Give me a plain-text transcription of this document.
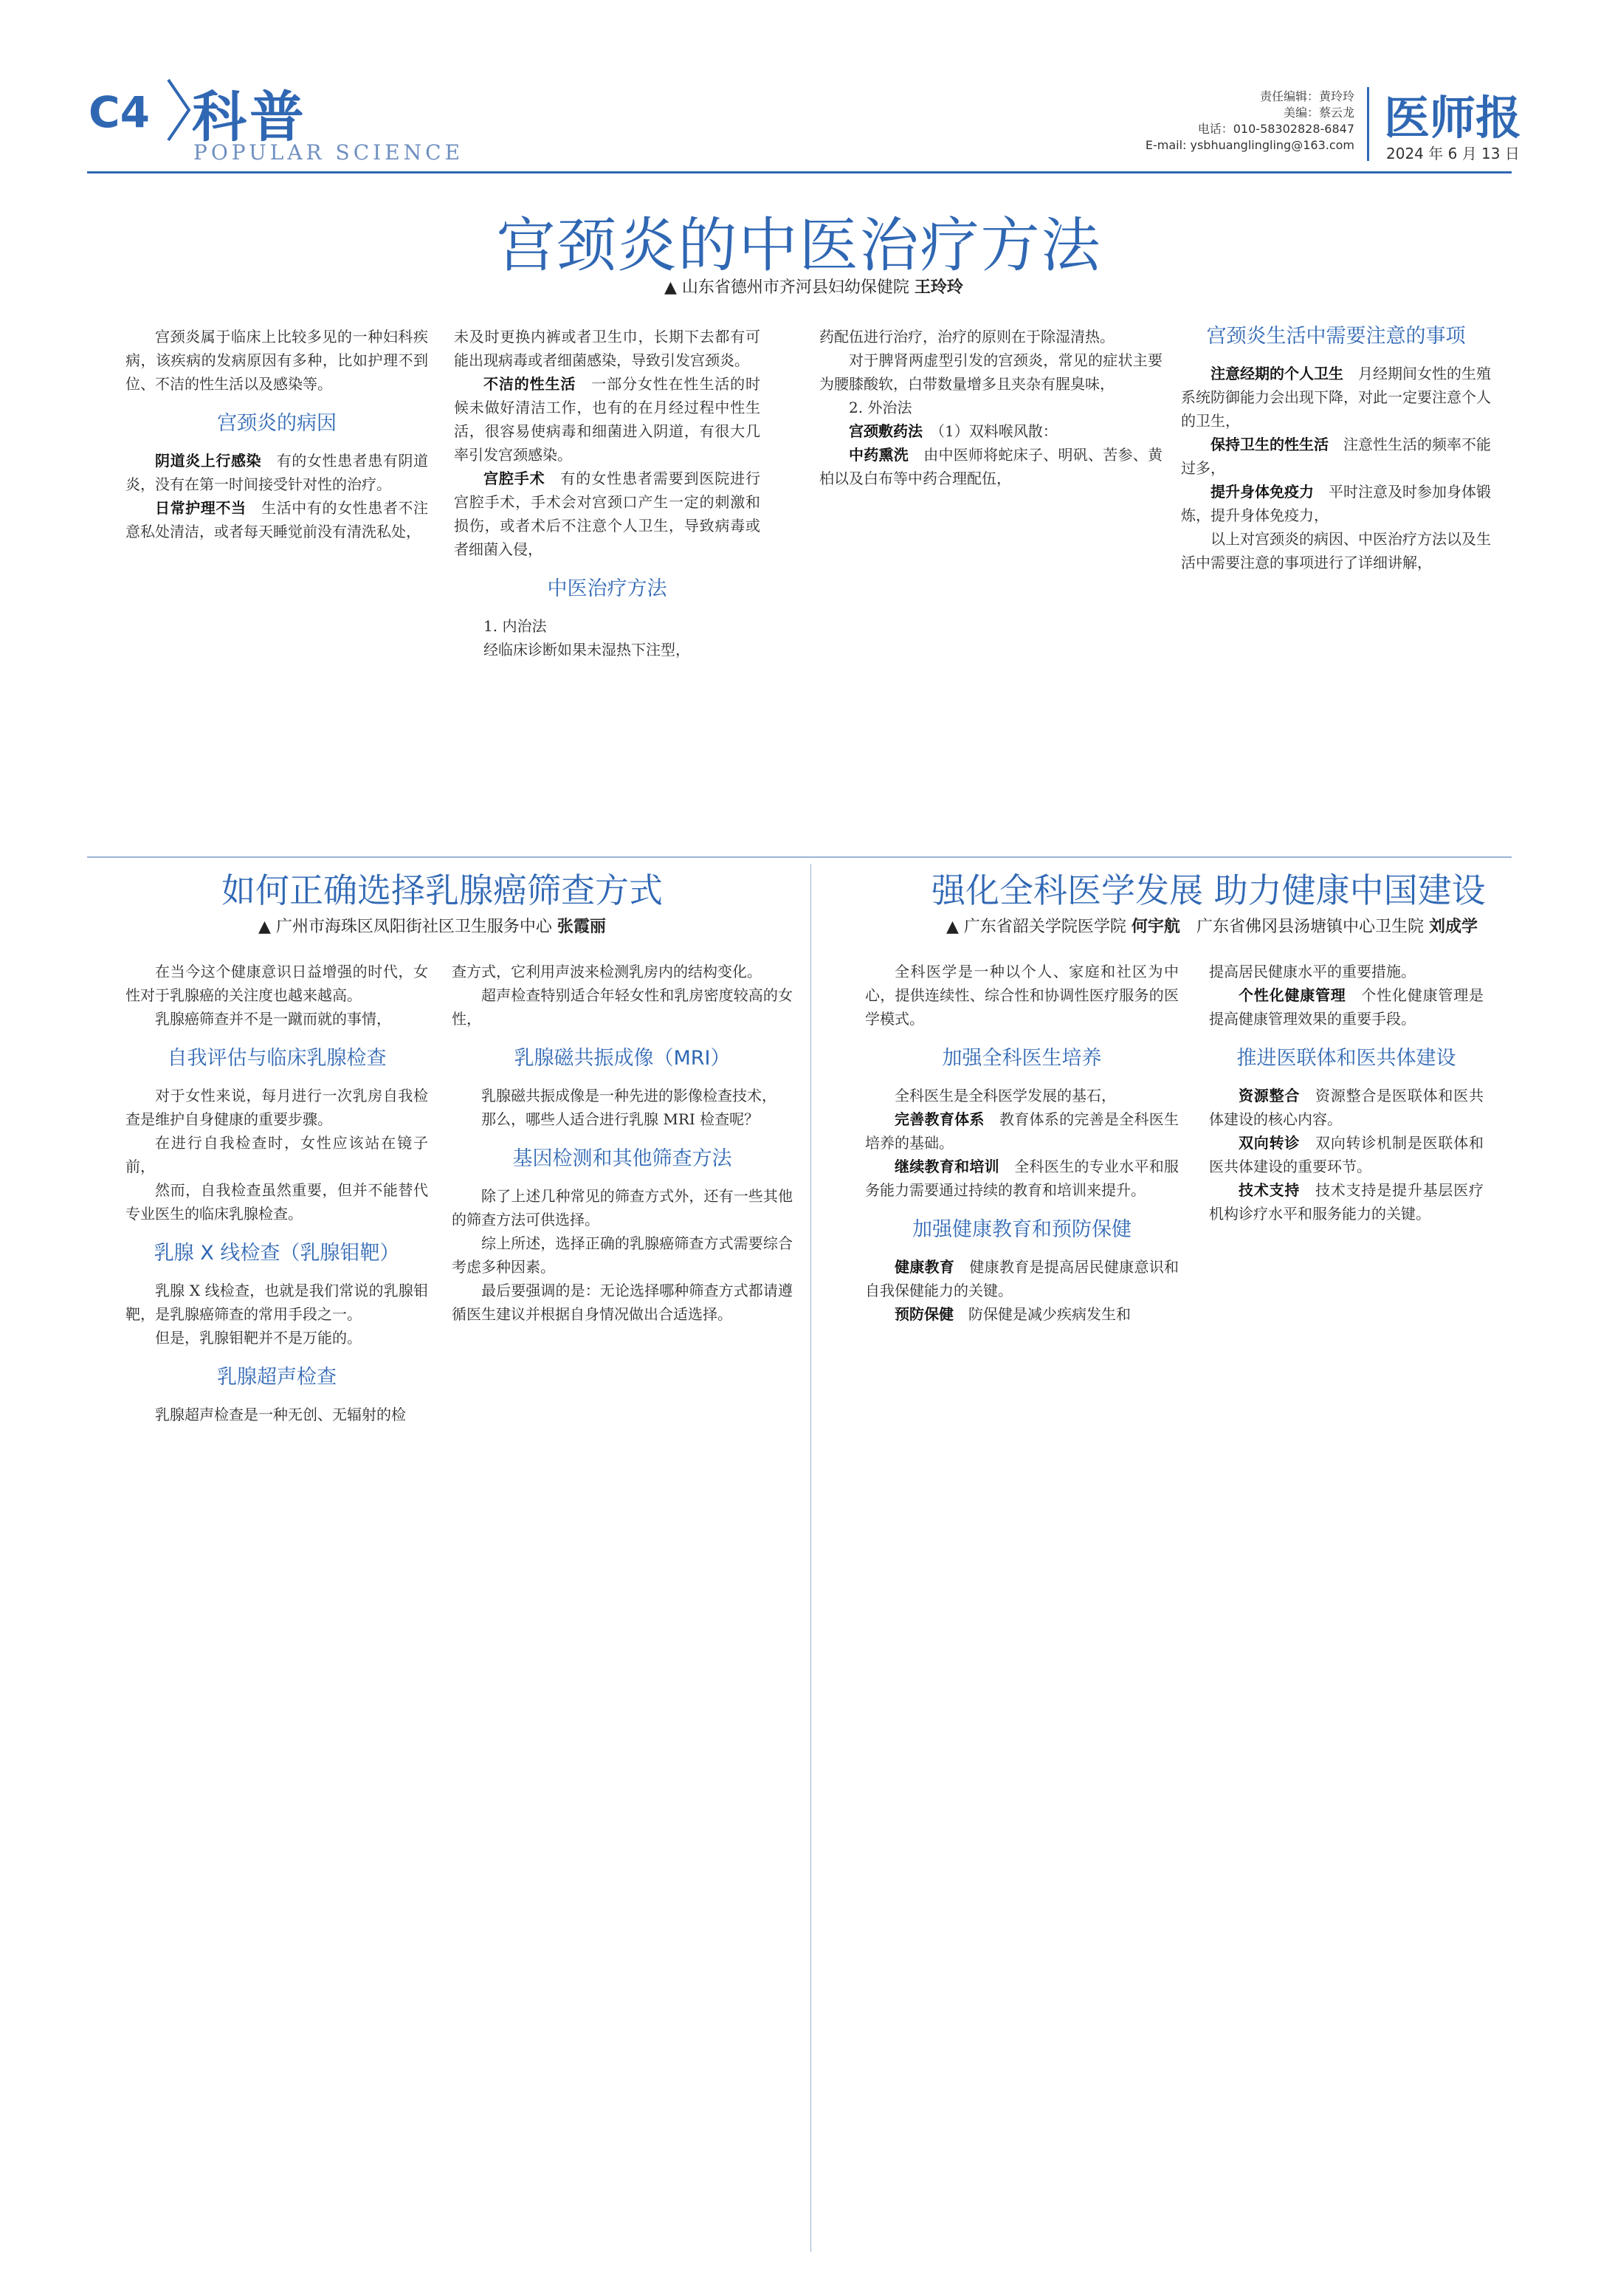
C4 科普
POPULAR SCIENCE
责任编辑：黄玲玲
美编：蔡云龙
电话：010-58302828-6847
E-mail: ysbhuanglingling@163.com
医师报
2024 年 6 月 13 日
宫颈炎的中医治疗方法
▲ 山东省德州市齐河县妇幼保健院 王玲玲

宫颈炎属于临床上比较多见的一种妇科疾病，该疾病的发病原因有多种，比如护理不到位、不洁的性生活以及感染等。

宫颈炎的病因

阴道炎上行感染　 有的女性患者患有阴道炎，没有在第一时间接受针对性的治疗。

日常护理不当　 生活中有的女性患者不注意私处清洁，或者每天睡觉前没有清洗私处，

未及时更换内裤或者卫生巾，长期下去都有可能出现病毒或者细菌感染，导致引发宫颈炎。

不洁的性生活　 一部分女性在性生活的时候未做好清洁工作，也有的在月经过程中性生活，很容易使病毒和细菌进入阴道，有很大几率引发宫颈感染。

宫腔手术　 有的女性患者需要到医院进行宫腔手术，手术会对宫颈口产生一定的刺激和损伤，或者术后不注意个人卫生，导致病毒或者细菌入侵，

中医治疗方法

1. 内治法

经临床诊断如果未湿热下注型，

药配伍进行治疗，治疗的原则在于除湿清热。

对于脾肾两虚型引发的宫颈炎，常见的症状主要为腰膝酸软，白带数量增多且夹杂有腥臭味，

2. 外治法

宫颈敷药法　 （1）双料喉风散：

中药熏洗　 由中医师将蛇床子、明矾、苦参、黄柏以及白布等中药合理配伍，

宫颈炎生活中需要注意的事项

注意经期的个人卫生　 月经期间女性的生殖系统防御能力会出现下降，对此一定要注意个人的卫生，

保持卫生的性生活　 注意性生活的频率不能过多，

提升身体免疫力　 平时注意及时参加身体锻炼，提升身体免疫力，

以上对宫颈炎的病因、中医治疗方法以及生活中需要注意的事项进行了详细讲解，

如何正确选择乳腺癌筛查方式
▲ 广州市海珠区凤阳街社区卫生服务中心 张霞丽

在当今这个健康意识日益增强的时代，女性对于乳腺癌的关注度也越来越高。

乳腺癌筛查并不是一蹴而就的事情，

自我评估与临床乳腺检查

对于女性来说，每月进行一次乳房自我检查是维护自身健康的重要步骤。

在进行自我检查时，女性应该站在镜子前，

然而，自我检查虽然重要，但并不能替代专业医生的临床乳腺检查。

乳腺 X 线检查（乳腺钼靶）

乳腺 X 线检查，也就是我们常说的乳腺钼靶，是乳腺癌筛查的常用手段之一。

但是，乳腺钼靶并不是万能的。

乳腺超声检查

乳腺超声检查是一种无创、无辐射的检

查方式，它利用声波来检测乳房内的结构变化。

超声检查特别适合年轻女性和乳房密度较高的女性，

乳腺磁共振成像（MRI）

乳腺磁共振成像是一种先进的影像检查技术，

那么，哪些人适合进行乳腺 MRI 检查呢？

基因检测和其他筛查方法

除了上述几种常见的筛查方式外，还有一些其他的筛查方法可供选择。

综上所述，选择正确的乳腺癌筛查方式需要综合考虑多种因素。

最后要强调的是：无论选择哪种筛查方式都请遵循医生建议并根据自身情况做出合适选择。

强化全科医学发展 助力健康中国建设
▲ 广东省韶关学院医学院 何宇航　 广东省佛冈县汤塘镇中心卫生院 刘成学

全科医学是一种以个人、家庭和社区为中心，提供连续性、综合性和协调性医疗服务的医学模式。

加强全科医生培养

全科医生是全科医学发展的基石，

完善教育体系　 教育体系的完善是全科医生培养的基础。

继续教育和培训　 全科医生的专业水平和服务能力需要通过持续的教育和培训来提升。

加强健康教育和预防保健

健康教育　 健康教育是提高居民健康意识和自我保健能力的关键。

预防保健　 防保健是减少疾病发生和

提高居民健康水平的重要措施。

个性化健康管理　 个性化健康管理是提高健康管理效果的重要手段。

推进医联体和医共体建设

资源整合　 资源整合是医联体和医共体建设的核心内容。

双向转诊　 双向转诊机制是医联体和医共体建设的重要环节。

技术支持　 技术支持是提升基层医疗机构诊疗水平和服务能力的关键。
